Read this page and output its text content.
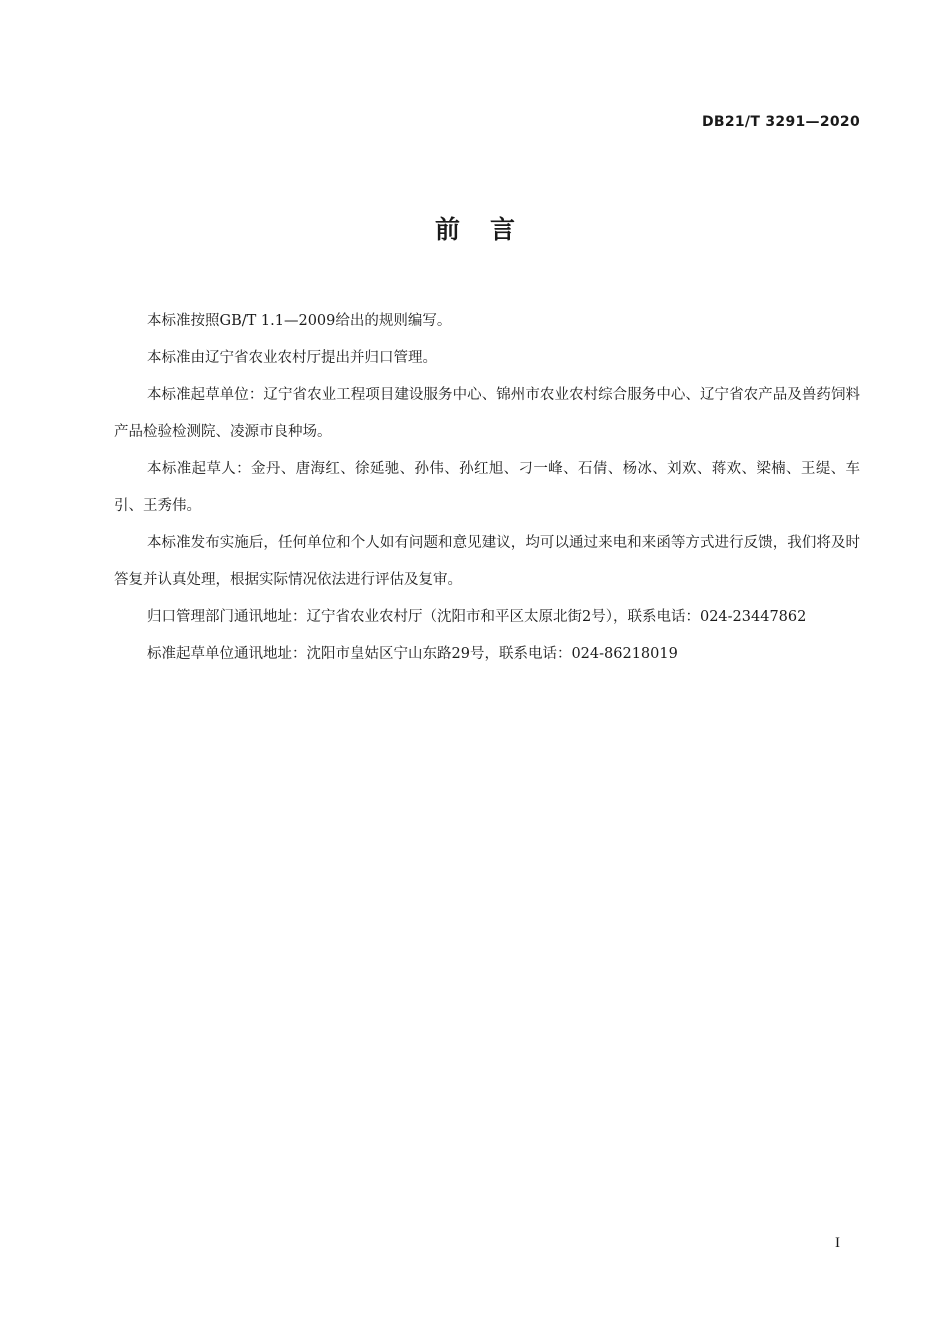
DB21/T 3291—2020
前言

本标准按照GB/T 1.1—2009给出的规则编写。

本标准由辽宁省农业农村厅提出并归口管理。

本标准起草单位：辽宁省农业工程项目建设服务中心、锦州市农业农村综合服务中心、辽宁省农产品及兽药饲料产品检验检测院、凌源市良种场。

本标准起草人：金丹、唐海红、徐延驰、孙伟、孙红旭、刁一峰、石倩、杨冰、刘欢、蒋欢、梁楠、王缇、车引、王秀伟。

本标准发布实施后，任何单位和个人如有问题和意见建议，均可以通过来电和来函等方式进行反馈，我们将及时答复并认真处理，根据实际情况依法进行评估及复审。

归口管理部门通讯地址：辽宁省农业农村厅（沈阳市和平区太原北街2号），联系电话：024-23447862

标准起草单位通讯地址：沈阳市皇姑区宁山东路29号，联系电话：024-86218019

I
